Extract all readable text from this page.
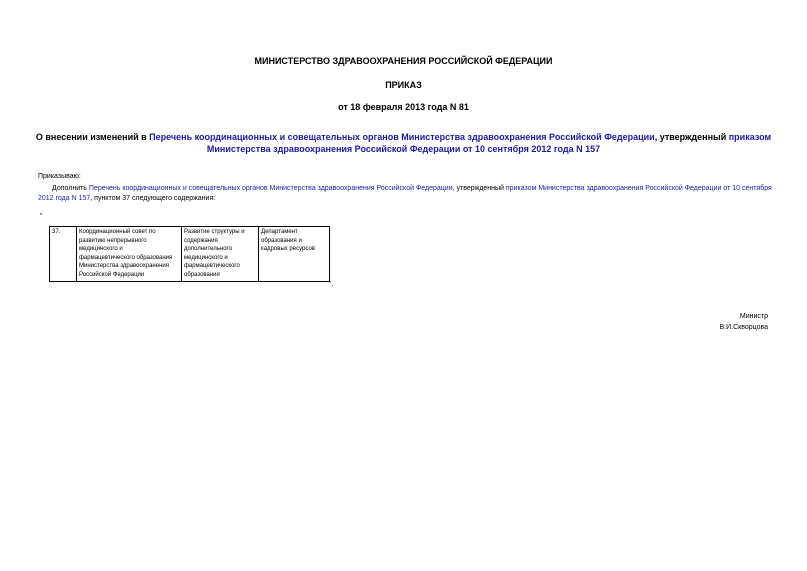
МИНИСТЕРСТВО ЗДРАВООХРАНЕНИЯ РОССИЙСКОЙ ФЕДЕРАЦИИ
ПРИКАЗ
от 18 февраля 2013 года N 81
О внесении изменений в Перечень координационных и совещательных органов Министерства здравоохранения Российской Федерации, утвержденный приказом Министерства здравоохранения Российской Федерации от 10 сентября 2012 года N 157
Приказываю:
Дополнить Перечень координационных и совещательных органов Министерства здравоохранения Российской Федерации, утвержденный приказом Министерства здравоохранения Российской Федерации от 10 сентября 2012 года N 157, пунктом 37 следующего содержания:
"
37.	Координационный совет по развитию непрерывного медицинского и фармацевтического образования Министерства здравоохранения Российской Федерации	Развитие структуры и содержания дополнительного медицинского и фармацевтического образования	Департамент образования и кадровых ресурсов
".
Министр
В.И.Скворцова
